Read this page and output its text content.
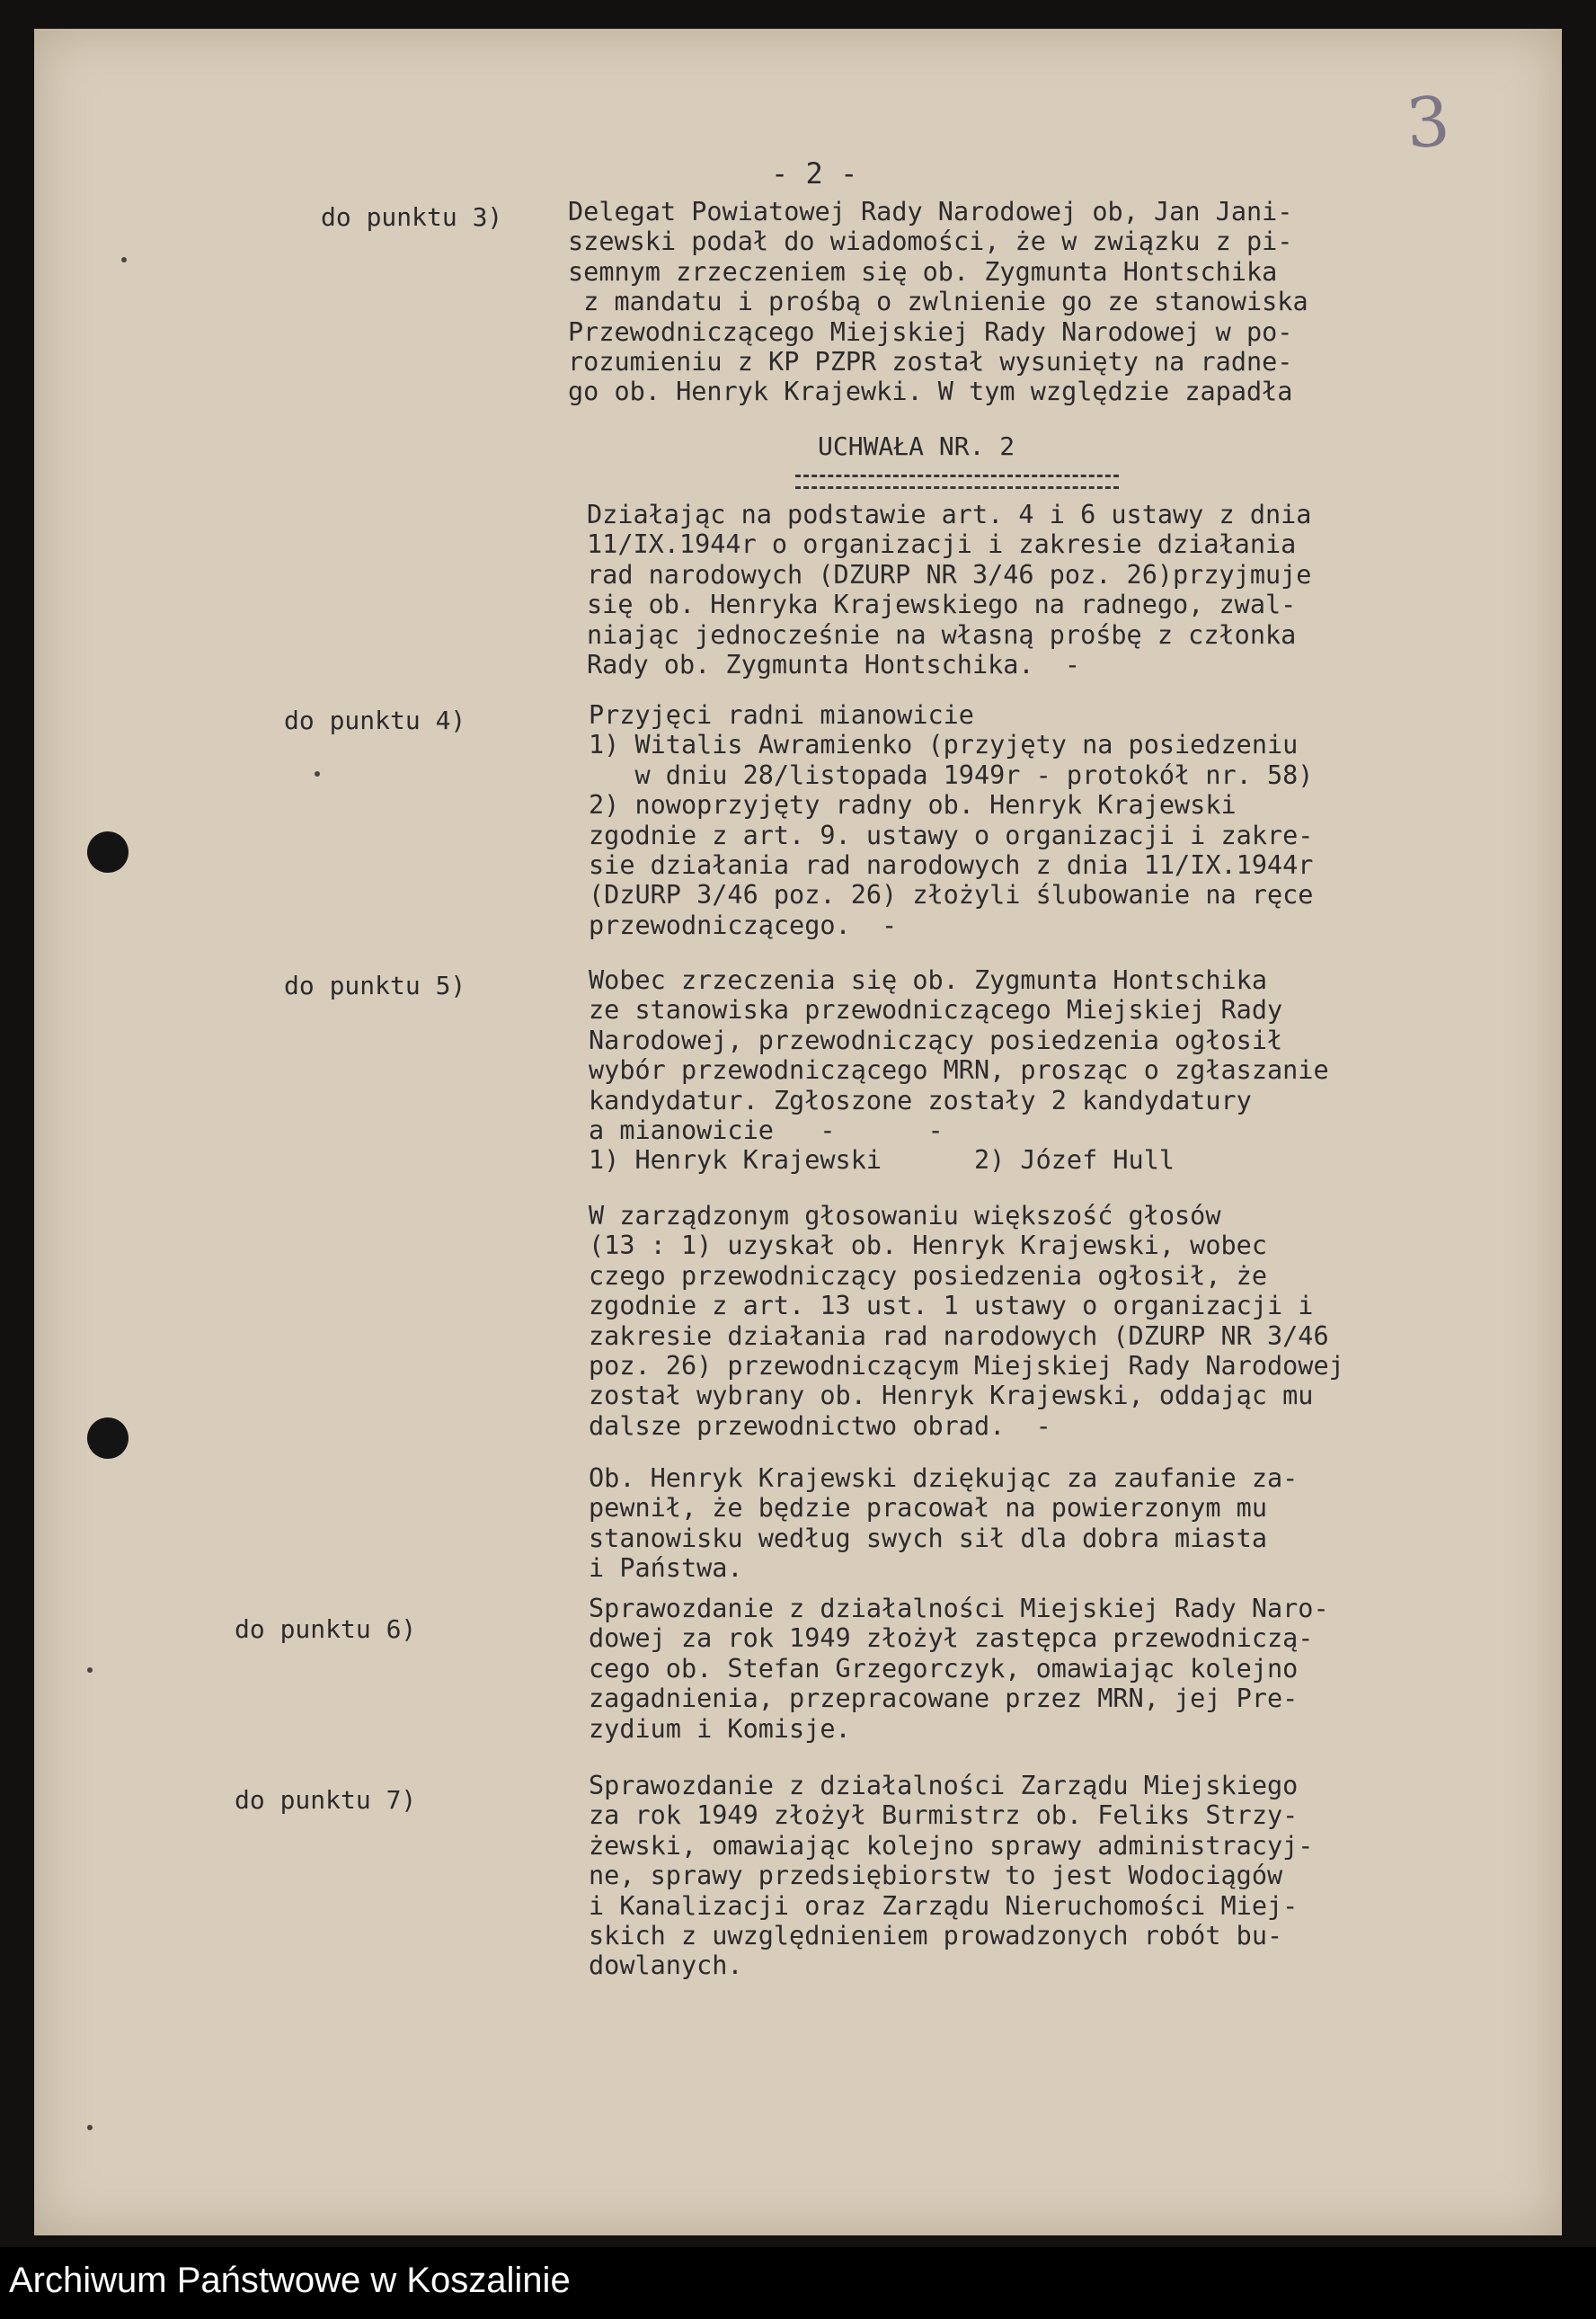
3
- 2 -
do punktu 3)	Delegat Powiatowej Rady Narodowej ob, Jan Jani-
szewski podał do wiadomości, że w związku z pi-
semnym zrzeczeniem się ob. Zygmunta Hontschika
z mandatu i prośbą o zwlnienie go ze stanowiska
Przewodniczącego Miejskiej Rady Narodowej w po-
rozumieniu z KP PZPR został wysunięty na radne-
go ob. Henryk Krajewki. W tym względzie zapadła
UCHWAŁA NR. 2
Działając na podstawie art. 4 i 6 ustawy z dnia
11/IX.1944r o organizacji i zakresie działania
rad narodowych (DZURP NR 3/46 poz. 26)przyjmuje
się ob. Henryka Krajewskiego na radnego, zwal-
niając jednocześnie na własną prośbę z członka
Rady ob. Zygmunta Hontschika.  -
do punktu 4)	Przyjęci radni mianowicie
1) Witalis Awramienko (przyjęty na posiedzeniu
w dniu 28/listopada 1949r - protokół nr. 58)
2) nowoprzyjęty radny ob. Henryk Krajewski
zgodnie z art. 9. ustawy o organizacji i zakre-
sie działania rad narodowych z dnia 11/IX.1944r
(DzURP 3/46 poz. 26) złożyli ślubowanie na ręce
przewodniczącego.  -
do punktu 5)	Wobec zrzeczenia się ob. Zygmunta Hontschika
ze stanowiska przewodniczącego Miejskiej Rady
Narodowej, przewodniczący posiedzenia ogłosił
wybór przewodniczącego MRN, prosząc o zgłaszanie
kandydatur. Zgłoszone zostały 2 kandydatury
a mianowicie   -      -
1) Henryk Krajewski      2) Józef Hull
W zarządzonym głosowaniu większość głosów
(13 : 1) uzyskał ob. Henryk Krajewski, wobec
czego przewodniczący posiedzenia ogłosił, że
zgodnie z art. 13 ust. 1 ustawy o organizacji i
zakresie działania rad narodowych (DZURP NR 3/46
poz. 26) przewodniczącym Miejskiej Rady Narodowej
został wybrany ob. Henryk Krajewski, oddając mu
dalsze przewodnictwo obrad.  -
Ob. Henryk Krajewski dziękując za zaufanie za-
pewnił, że będzie pracował na powierzonym mu
stanowisku według swych sił dla dobra miasta
i Państwa.
do punktu 6)
Sprawozdanie z działalności Miejskiej Rady Naro-
dowej za rok 1949 złożył zastępca przewodniczą-
cego ob. Stefan Grzegorczyk, omawiając kolejno
zagadnienia, przepracowane przez MRN, jej Pre-
zydium i Komisje.
do punktu 7)	Sprawozdanie z działalności Zarządu Miejskiego
za rok 1949 złożył Burmistrz ob. Feliks Strzy-
żewski, omawiając kolejno sprawy administracyj-
ne, sprawy przedsiębiorstw to jest Wodociągów
i Kanalizacji oraz Zarządu Nieruchomości Miej-
skich z uwzględnieniem prowadzonych robót bu-
dowlanych.
Archiwum Państwowe w Koszalinie
